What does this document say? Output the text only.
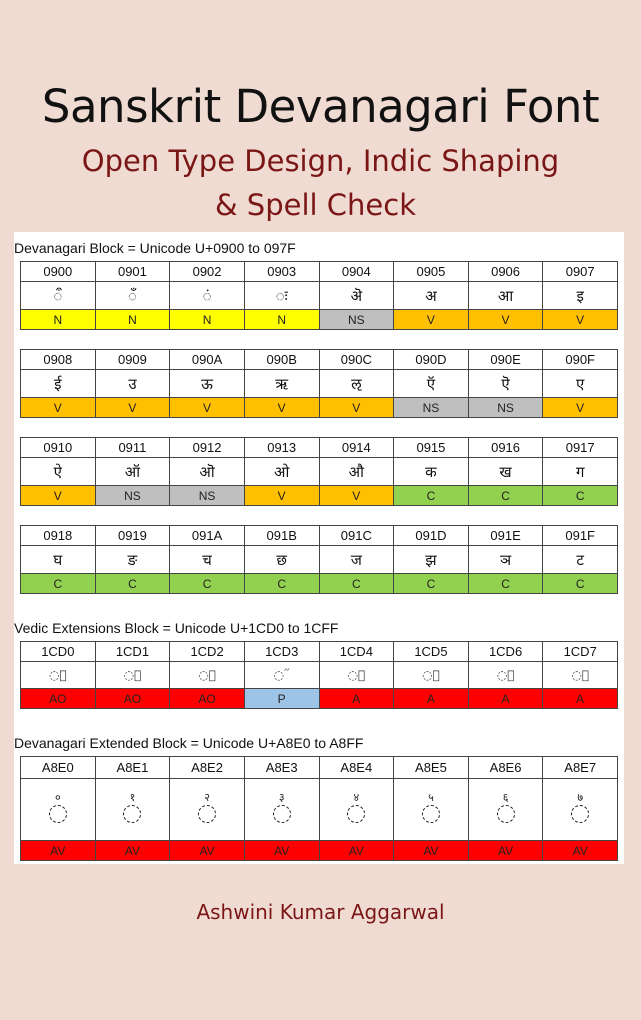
Sanskrit Devanagari Font
Open Type Design, Indic Shaping
& Spell Check
Devanagari Block = Unicode U+0900 to 097F
0900	0901	0902	0903	0904	0905	0906	0907
◌ऀ	◌ँ	◌ं	◌ः	ऄ	अ	आ	इ
N	N	N	N	NS	V	V	V
0908	0909	090A	090B	090C	090D	090E	090F
ई	उ	ऊ	ऋ	ऌ	ऍ	ऎ	ए
V	V	V	V	V	NS	NS	V
0910	0911	0912	0913	0914	0915	0916	0917
ऐ	ऑ	ऒ	ओ	औ	क	ख	ग
V	NS	NS	V	V	C	C	C
0918	0919	091A	091B	091C	091D	091E	091F
घ	ङ	च	छ	ज	झ	ञ	ट
C	C	C	C	C	C	C	C
Vedic Extensions Block = Unicode U+1CD0 to 1CFF
1CD0	1CD1	1CD2	1CD3	1CD4	1CD5	1CD6	1CD7
◌᳐	◌᳑	◌᳒	◌᳓	◌᳔	◌᳕	◌᳖	◌᳗
AO	AO	AO	P	A	A	A	A
Devanagari Extended Block = Unicode U+A8E0 to A8FF
A8E0	A8E1	A8E2	A8E3	A8E4	A8E5	A8E6	A8E7

०	१	२	३	४	५	६	७

AV	AV	AV	AV	AV	AV	AV	AV
Ashwini Kumar Aggarwal
